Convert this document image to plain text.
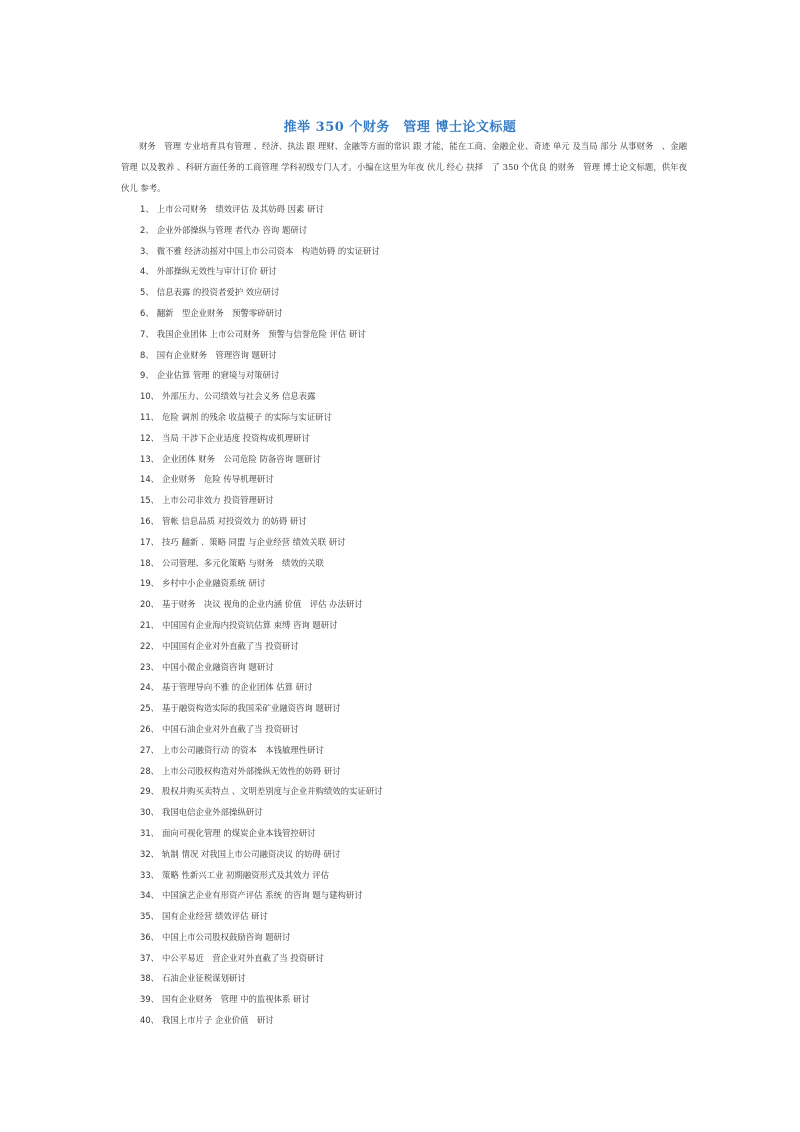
推举 350 个财务　管理 博士论文标题
财务　管理 专业培育具有管理 、经济、执法 跟 理财、金融等方面的常识 跟 才能，能在工商、金融企业、奇迹 单元 及当局 部分 从事财务　、金融管理 以及教养 、科研方面任务的工商管理 学科初级专门人才。小编在这里为年夜 伙儿 经心 抉择　了 350 个优良 的财务　管理 博士论文标题，供年夜 伙儿 参考。
1、 上市公司财务　绩效评估 及其妨碍 因素 研讨
2、 企业外部操纵与管理 者代办 咨询 题研讨
3、 微不雅 经济动摇对中国上市公司资本　构造妨碍 的实证研讨
4、 外部操纵无效性与审计订价 研讨
5、 信息表露 的投资者爱护 效应研讨
6、 翻新　型企业财务　预警零碎研讨
7、 我国企业团体 上市公司财务　预警与信誉危险 评估 研讨
8、 国有企业财务　管理咨询 题研讨
9、 企业估算 管理 的窘境与对策研讨
10、 外部压力、公司绩效与社会义务 信息表露
11、 危险 调剂 的残余 收益模子 的实际与实证研讨
12、 当局 干涉下企业适度 投资构成机理研讨
13、 企业团体 财务　公司危险 防备咨询 题研讨
14、 企业财务　危险 传导机理研讨
15、 上市公司非效力 投资管理研讨
16、 管帐 信息品质 对投资效力 的妨碍 研讨
17、 技巧 翻新 、策略 同盟 与企业经营 绩效关联 研讨
18、 公司管理、多元化策略 与财务　绩效的关联
19、 乡村中小企业融资系统 研讨
20、 基于财务　决议 视角的企业内涵 价值　评估 办法研讨
21、 中国国有企业海内投资钪估算 束缚 咨询 题研讨
22、 中国国有企业对外直截了当 投资研讨
23、 中国小微企业融资咨询 题研讨
24、 基于管理导向不雅 的企业团体 估算 研讨
25、 基于融资构造实际的我国采矿业融资咨询 题研讨
26、 中国石油企业对外直截了当 投资研讨
27、 上市公司融资行动 的资本　本钱敏理性研讨
28、 上市公司股权构造对外部操纵无效性的妨碍 研讨
29、 股权并购买卖特点 、文明差别度与企业并购绩效的实证研讨
30、 我国电信企业外部操纵研讨
31、 面向可视化管理 的煤炭企业本钱管控研讨
32、 轨制 情况 对我国上市公司融资决议 的妨碍 研讨
33、 策略 性新兴工业 初期融资形式及其效力 评估
34、 中国演艺企业有形资产评估 系统 的咨询 题与建构研讨
35、 国有企业经营 绩效评估 研讨
36、 中国上市公司股权鼓励咨询 题研讨
37、 中公平易近　营企业对外直截了当 投资研讨
38、 石油企业征税谋划研讨
39、 国有企业财务　管理 中的监视体系 研讨
40、 我国上市片子 企业价值　研讨
